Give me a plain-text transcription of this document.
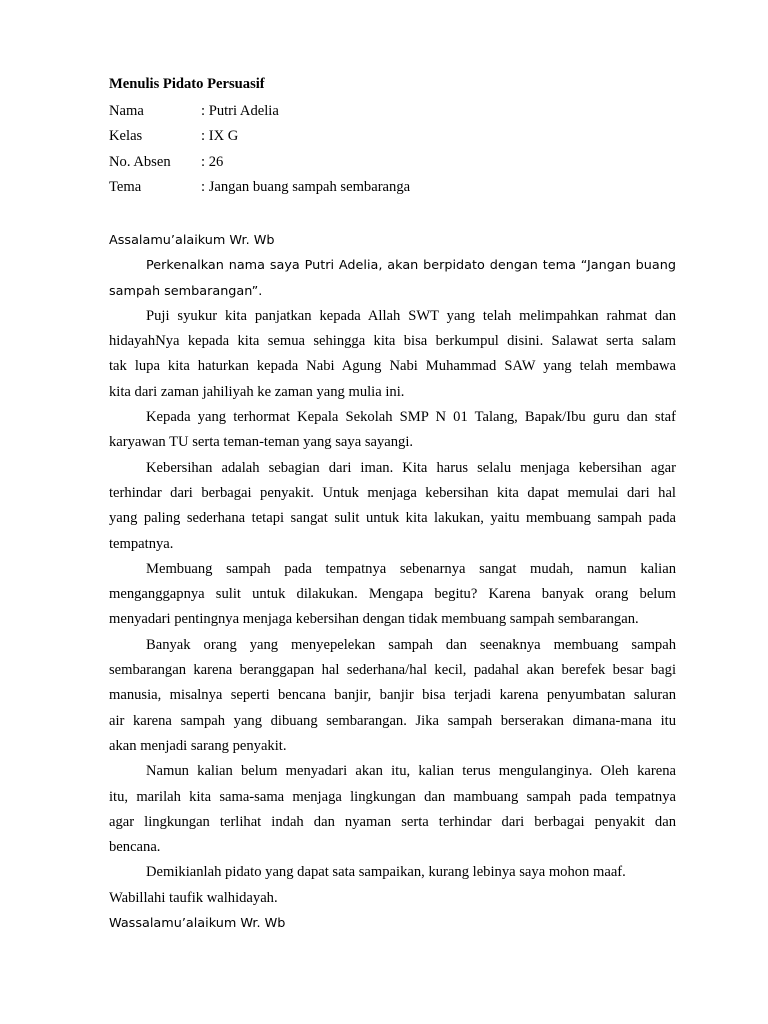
Menulis Pidato Persuasif
Nama	: Putri Adelia
Kelas	: IX G
No. Absen : 26
Tema	: Jangan buang sampah sembaranga
Assalamu’alaikum Wr. Wb
Perkenalkan nama saya Putri Adelia, akan berpidato dengan tema “Jangan buang
sampah sembarangan”.
Puji syukur kita panjatkan kepada Allah SWT yang telah melimpahkan rahmat dan
hidayahNya kepada kita semua sehingga kita bisa berkumpul disini. Salawat serta salam
tak lupa kita haturkan kepada Nabi Agung Nabi Muhammad SAW yang telah membawa
kita dari zaman jahiliyah ke zaman yang mulia ini.
Kepada yang terhormat Kepala Sekolah SMP N 01 Talang, Bapak/Ibu guru dan staf
karyawan TU serta teman-teman yang saya sayangi.
Kebersihan adalah sebagian dari iman. Kita harus selalu menjaga kebersihan agar
terhindar dari berbagai penyakit. Untuk menjaga kebersihan kita dapat memulai dari hal
yang paling sederhana tetapi sangat sulit untuk kita lakukan, yaitu membuang sampah pada
tempatnya.
Membuang sampah pada tempatnya sebenarnya sangat mudah, namun kalian
menganggapnya sulit untuk dilakukan. Mengapa begitu? Karena banyak orang belum
menyadari pentingnya menjaga kebersihan dengan tidak membuang sampah sembarangan.
Banyak orang yang menyepelekan sampah dan seenaknya membuang sampah
sembarangan karena beranggapan hal sederhana/hal kecil, padahal akan berefek besar bagi
manusia, misalnya seperti bencana banjir, banjir bisa terjadi karena penyumbatan saluran
air karena sampah yang dibuang sembarangan. Jika sampah berserakan dimana-mana itu
akan menjadi sarang penyakit.
Namun kalian belum menyadari akan itu, kalian terus mengulanginya. Oleh karena
itu, marilah kita sama-sama menjaga lingkungan dan mambuang sampah pada tempatnya
agar lingkungan terlihat indah dan nyaman serta terhindar dari berbagai penyakit dan
bencana.
Demikianlah pidato yang dapat sata sampaikan, kurang lebinya saya mohon maaf.
Wabillahi taufik walhidayah.
Wassalamu’alaikum Wr. Wb
